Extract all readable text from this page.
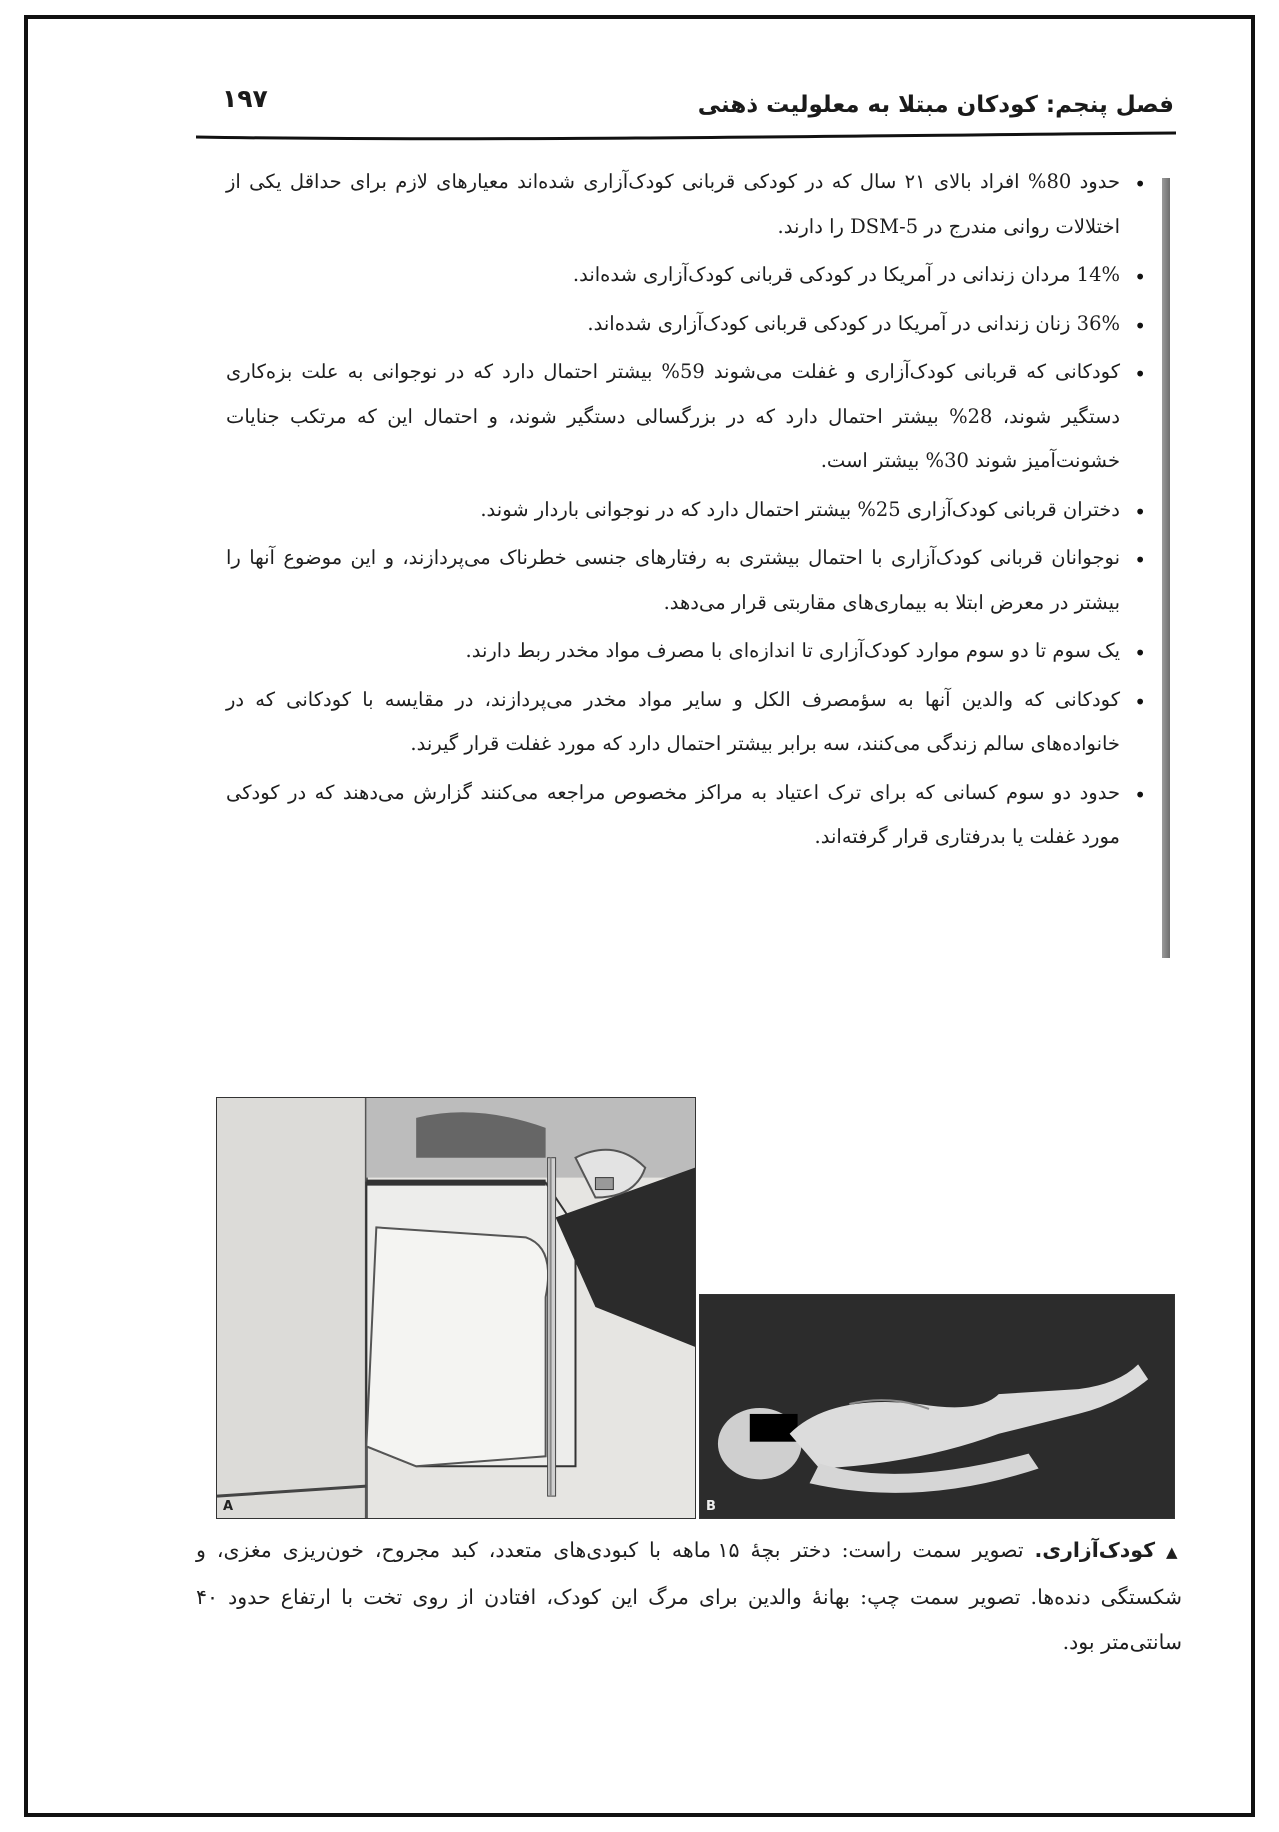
فصل پنجم: کودکان مبتلا به معلولیت ذهنی
۱۹۷
• حدود 80% افراد بالای ۲۱ سال که در کودکی قربانی کودک‌آزاری شده‌اند معیارهای لازم برای حداقل یکی از اختلالات روانی مندرج در DSM-5 را دارند.
• 14% مردان زندانی در آمریکا در کودکی قربانی کودک‌آزاری شده‌اند.
• 36% زنان زندانی در آمریکا در کودکی قربانی کودک‌آزاری شده‌اند.
• کودکانی که قربانی کودک‌آزاری و غفلت می‌شوند 59% بیشتر احتمال دارد که در نوجوانی به علت بزه‌کاری دستگیر شوند، 28% بیشتر احتمال دارد که در بزرگسالی دستگیر شوند، و احتمال این که مرتکب جنایات خشونت‌آمیز شوند 30% بیشتر است.
• دختران قربانی کودک‌آزاری 25% بیشتر احتمال دارد که در نوجوانی باردار شوند.
• نوجوانان قربانی کودک‌آزاری با احتمال بیشتری به رفتارهای جنسی خطرناک می‌پردازند، و این موضوع آنها را بیشتر در معرض ابتلا به بیماری‌های مقاربتی قرار می‌دهد.
• یک سوم تا دو سوم موارد کودک‌آزاری تا اندازه‌ای با مصرف مواد مخدر ربط دارند.
• کودکانی که والدین آنها به سؤمصرف الکل و سایر مواد مخدر می‌پردازند، در مقایسه با کودکانی که در خانواده‌های سالم زندگی می‌کنند، سه برابر بیشتر احتمال دارد که مورد غفلت قرار گیرند.
• حدود دو سوم کسانی که برای ترک اعتیاد به مراکز مخصوص مراجعه می‌کنند گزارش می‌دهند که در کودکی مورد غفلت یا بدرفتاری قرار گرفته‌اند.
A	B
▲ کودک‌آزاری. تصویر سمت راست: دختر بچهٔ ۱۵ ماهه با کبودی‌های متعدد، کبد مجروح، خون‌ریزی مغزی، و شکستگی دنده‌ها. تصویر سمت چپ: بهانهٔ والدین برای مرگ این کودک، افتادن از روی تخت با ارتفاع حدود ۴۰ سانتی‌متر بود.
